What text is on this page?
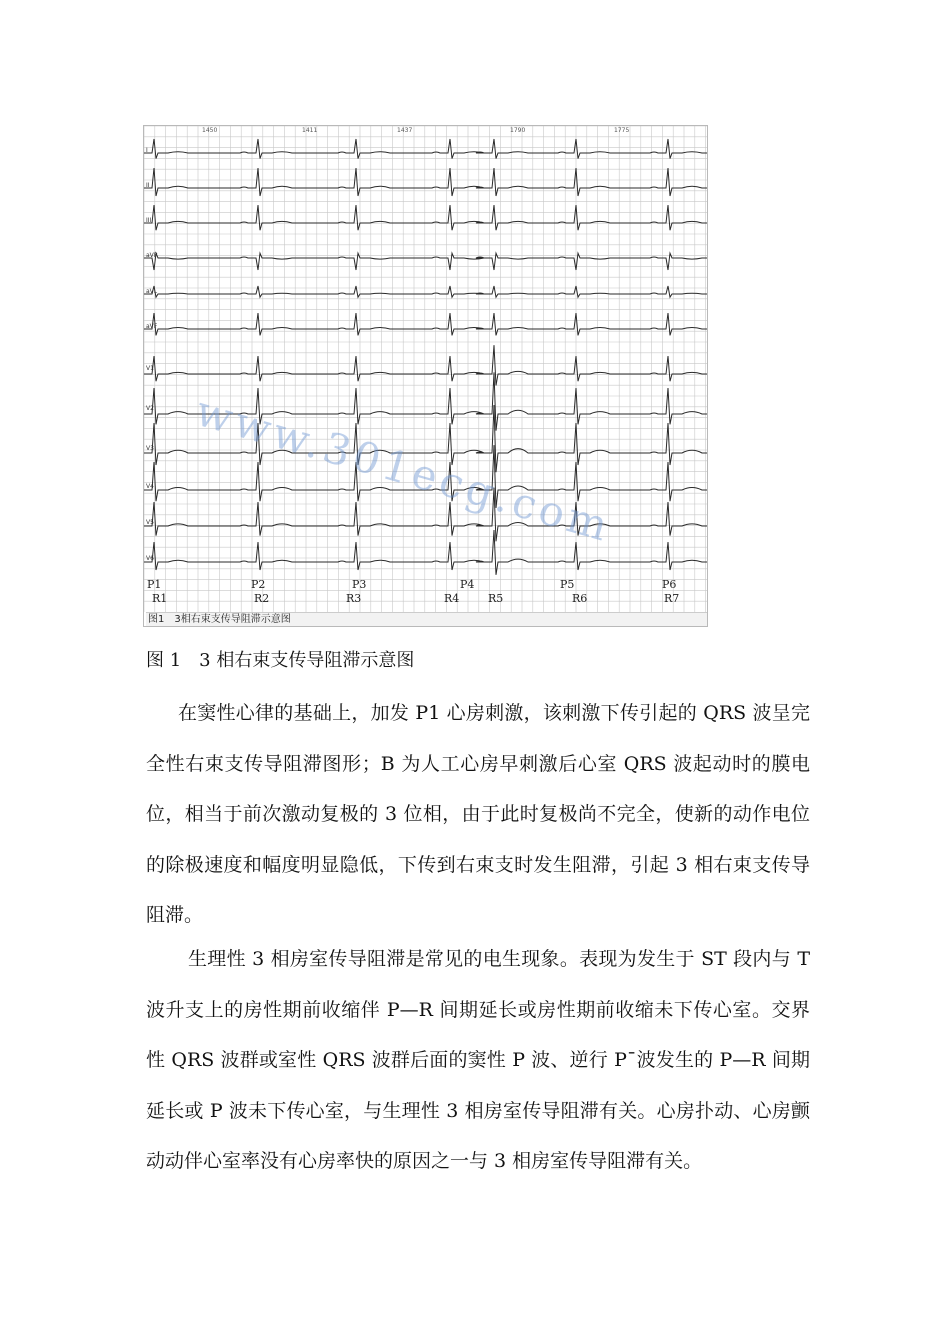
I
II
III
aVR
aVL
aVF
V1
V2
V3
V4
V5
V6
1450	1411	1437	1790	1775
P1	P2	P3	P4	P5	P6
R1	R2	R3	R4	R5	R6	R7
www.301ecg.com
图1　3相右束支传导阻滞示意图
图 1　3 相右束支传导阻滞示意图

在窦性心律的基础上，加发 P1 心房刺激，该刺激下传引起的 QRS 波呈完全性右束支传导阻滞图形；B 为人工心房早刺激后心室 QRS 波起动时的膜电位，相当于前次激动复极的 3 位相，由于此时复极尚不完全，使新的动作电位的除极速度和幅度明显隐低，下传到右束支时发生阻滞，引起 3 相右束支传导阻滞。

生理性 3 相房室传导阻滞是常见的电生现象。表现为发生于 ST 段内与 T 波升支上的房性期前收缩伴 P—R 间期延长或房性期前收缩未下传心室。交界性 QRS 波群或室性 QRS 波群后面的窦性 P 波、逆行 P¯波发生的 P—R 间期延长或 P 波未下传心室，与生理性 3 相房室传导阻滞有关。心房扑动、心房颤动动伴心室率没有心房率快的原因之一与 3 相房室传导阻滞有关。
